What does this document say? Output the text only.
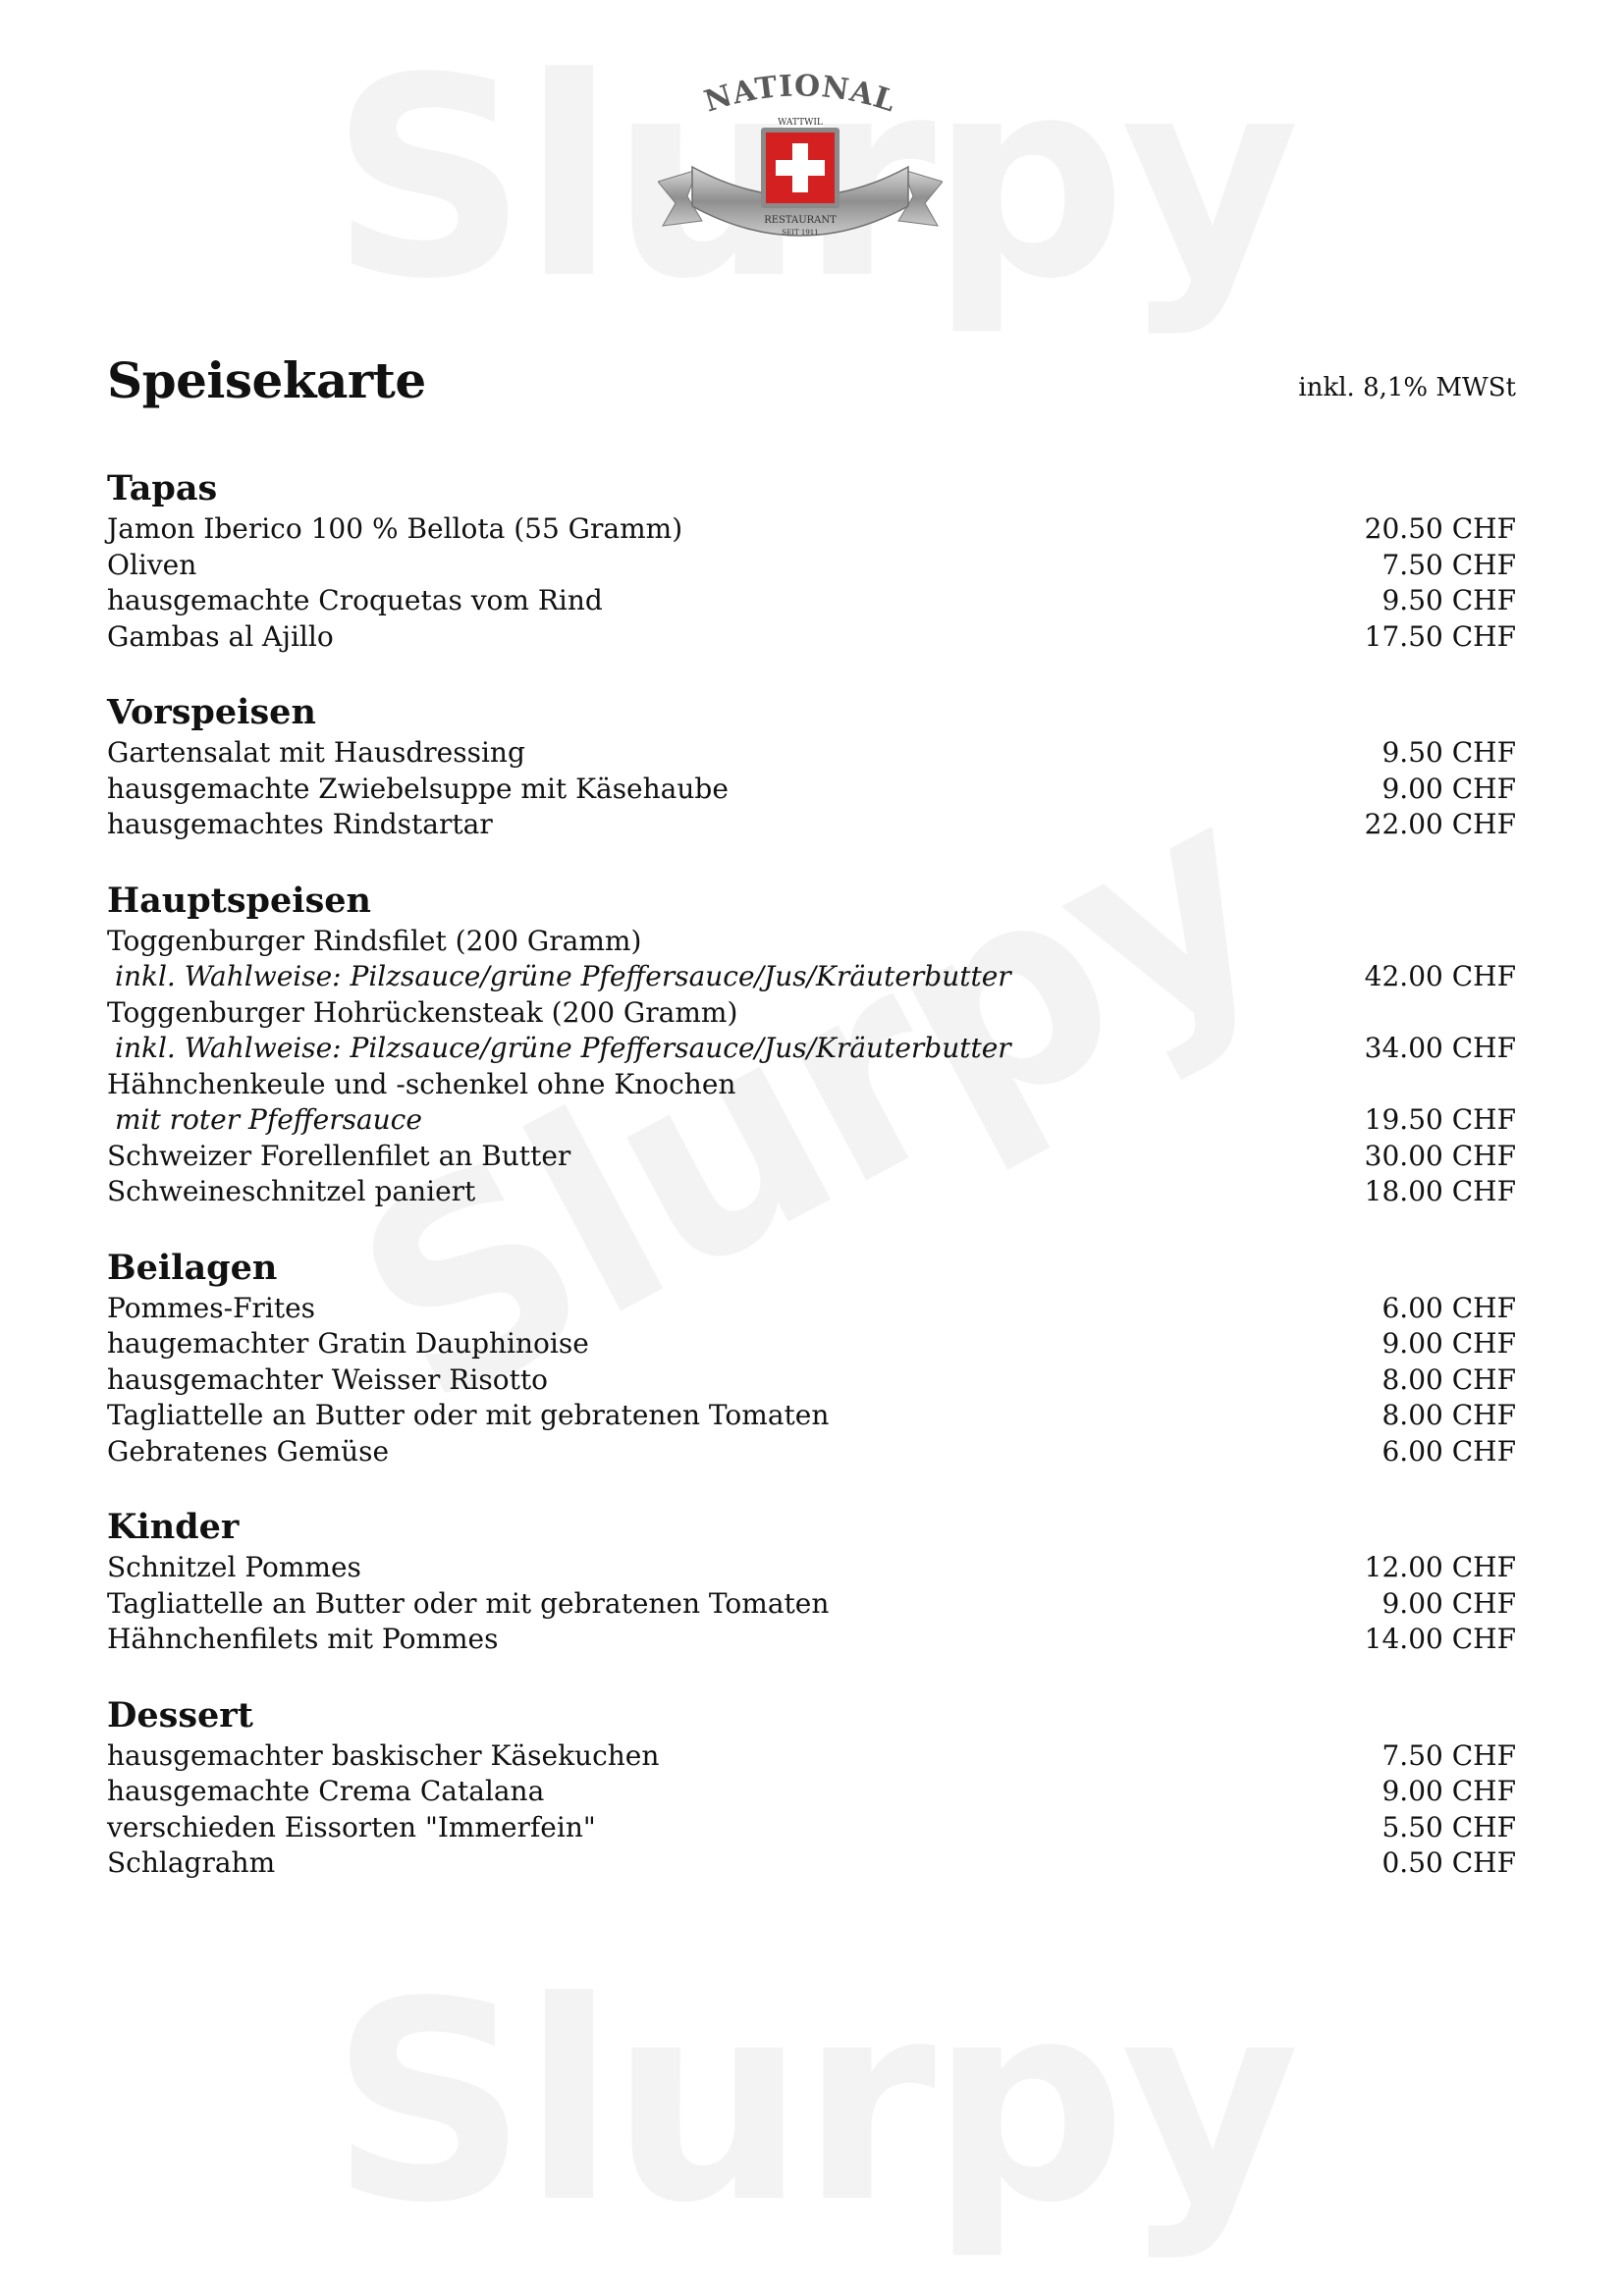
NATIONAL
WATTWIL
RESTAURANT
SEIT 1911
Speisekarte	inkl. 8,1% MWSt
Tapas
Jamon Iberico 100 % Bellota (55 Gramm)	20.50 CHF
Oliven	7.50 CHF
hausgemachte Croquetas vom Rind	9.50 CHF
Gambas al Ajillo	17.50 CHF
Vorspeisen
Gartensalat mit Hausdressing	9.50 CHF
hausgemachte Zwiebelsuppe mit Käsehaube	9.00 CHF
hausgemachtes Rindstartar	22.00 CHF
Hauptspeisen
Toggenburger Rindsfilet (200 Gramm)
inkl. Wahlweise: Pilzsauce/grüne Pfeffersauce/Jus/Kräuterbutter	42.00 CHF
Toggenburger Hohrückensteak (200 Gramm)
inkl. Wahlweise: Pilzsauce/grüne Pfeffersauce/Jus/Kräuterbutter	34.00 CHF
Hähnchenkeule und -schenkel ohne Knochen
mit roter Pfeffersauce	19.50 CHF
Schweizer Forellenfilet an Butter	30.00 CHF
Schweineschnitzel paniert	18.00 CHF
Beilagen
Pommes-Frites	6.00 CHF
haugemachter Gratin Dauphinoise	9.00 CHF
hausgemachter Weisser Risotto	8.00 CHF
Tagliattelle an Butter oder mit gebratenen Tomaten	8.00 CHF
Gebratenes Gemüse	6.00 CHF
Kinder
Schnitzel Pommes	12.00 CHF
Tagliattelle an Butter oder mit gebratenen Tomaten	9.00 CHF
Hähnchenfilets mit Pommes	14.00 CHF
Dessert
hausgemachter baskischer Käsekuchen	7.50 CHF
hausgemachte Crema Catalana	9.00 CHF
verschieden Eissorten "Immerfein"	5.50 CHF
Schlagrahm	0.50 CHF
